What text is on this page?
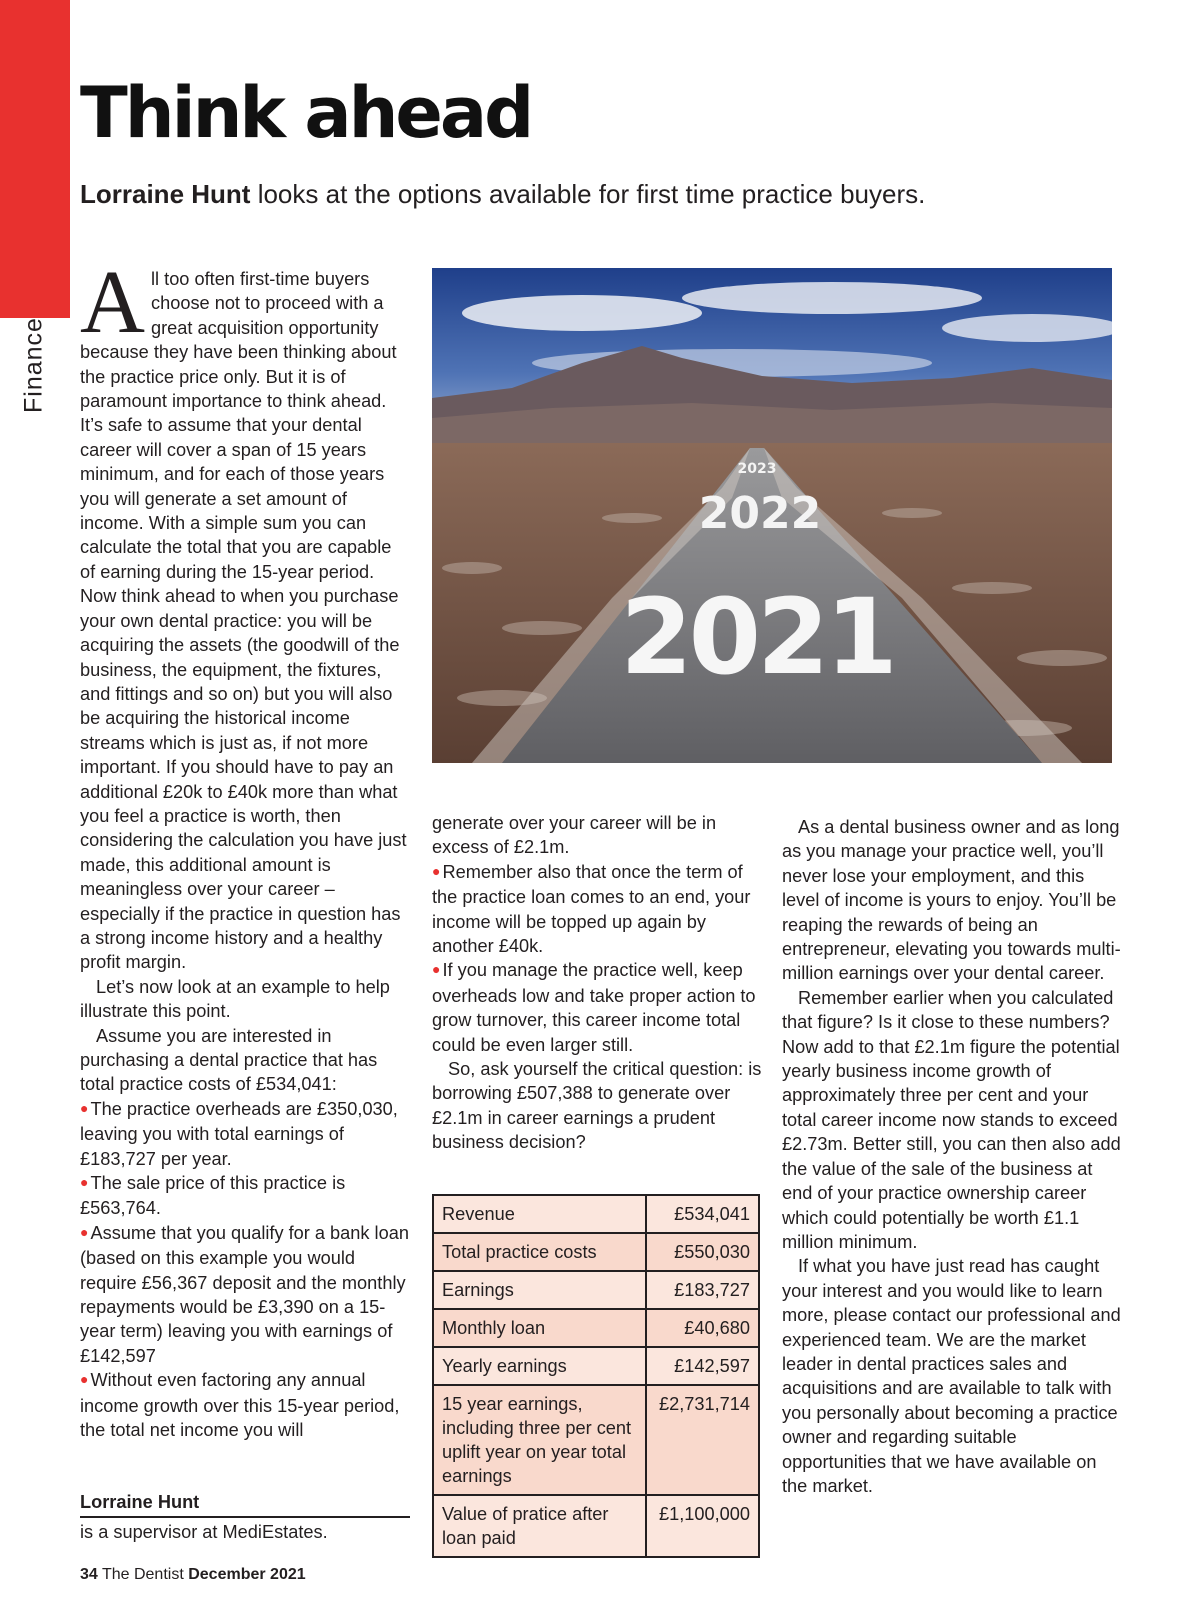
Finance
Think ahead

Lorraine Hunt looks at the options available for first time practice buyers.

All too often first-time buyers choose not to proceed with a great acquisition opportunity because they have been thinking about the practice price only. But it is of paramount importance to think ahead. It’s safe to assume that your dental career will cover a span of 15 years minimum, and for each of those years you will generate a set amount of income. With a simple sum you can calculate the total that you are capable of earning during the 15-year period. Now think ahead to when you purchase your own dental practice: you will be acquiring the assets (the goodwill of the business, the equipment, the fixtures, and fittings and so on) but you will also be acquiring the historical income streams which is just as, if not more important. If you should have to pay an additional £20k to £40k more than what you feel a practice is worth, then considering the calculation you have just made, this additional amount is meaningless over your career – especially if the practice in question has a strong income history and a healthy profit margin.

Let’s now look at an example to help illustrate this point.

Assume you are interested in purchasing a dental practice that has total practice costs of £534,041:

● The practice overheads are £350,030, leaving you with total earnings of £183,727 per year.

● The sale price of this practice is £563,764.

● Assume that you qualify for a bank loan (based on this example you would require £56,367 deposit and the monthly repayments would be £3,390 on a 15-year term) leaving you with earnings of £142,597

● Without even factoring any annual income growth over this 15-year period, the total net income you will

2023
2022
2021

generate over your career will be in excess of £2.1m.

● Remember also that once the term of the practice loan comes to an end, your income will be topped up again by another £40k.

● If you manage the practice well, keep overheads low and take proper action to grow turnover, this career income total could be even larger still.

So, ask yourself the critical question: is borrowing £507,388 to generate over £2.1m in career earnings a prudent business decision?

Revenue	£534,041
Total practice costs	£550,030
Earnings	£183,727
Monthly loan	£40,680
Yearly earnings	£142,597
15 year earnings, including three per cent uplift year on year total earnings	£2,731,714
Value of pratice after loan paid	£1,100,000

As a dental business owner and as long as you manage your practice well, you’ll never lose your employment, and this level of income is yours to enjoy. You’ll be reaping the rewards of being an entrepreneur, elevating you towards multi-million earnings over your dental career.

Remember earlier when you calculated that figure? Is it close to these numbers? Now add to that £2.1m figure the potential yearly business income growth of approximately three per cent and your total career income now stands to exceed £2.73m. Better still, you can then also add the value of the sale of the business at end of your practice ownership career which could potentially be worth £1.1 million minimum.

If what you have just read has caught your interest and you would like to learn more, please contact our professional and experienced team. We are the market leader in dental practices sales and acquisitions and are available to talk with you personally about becoming a practice owner and regarding suitable opportunities that we have available on the market.

Lorraine Hunt
is a supervisor at MediEstates.
34 The Dentist December 2021
